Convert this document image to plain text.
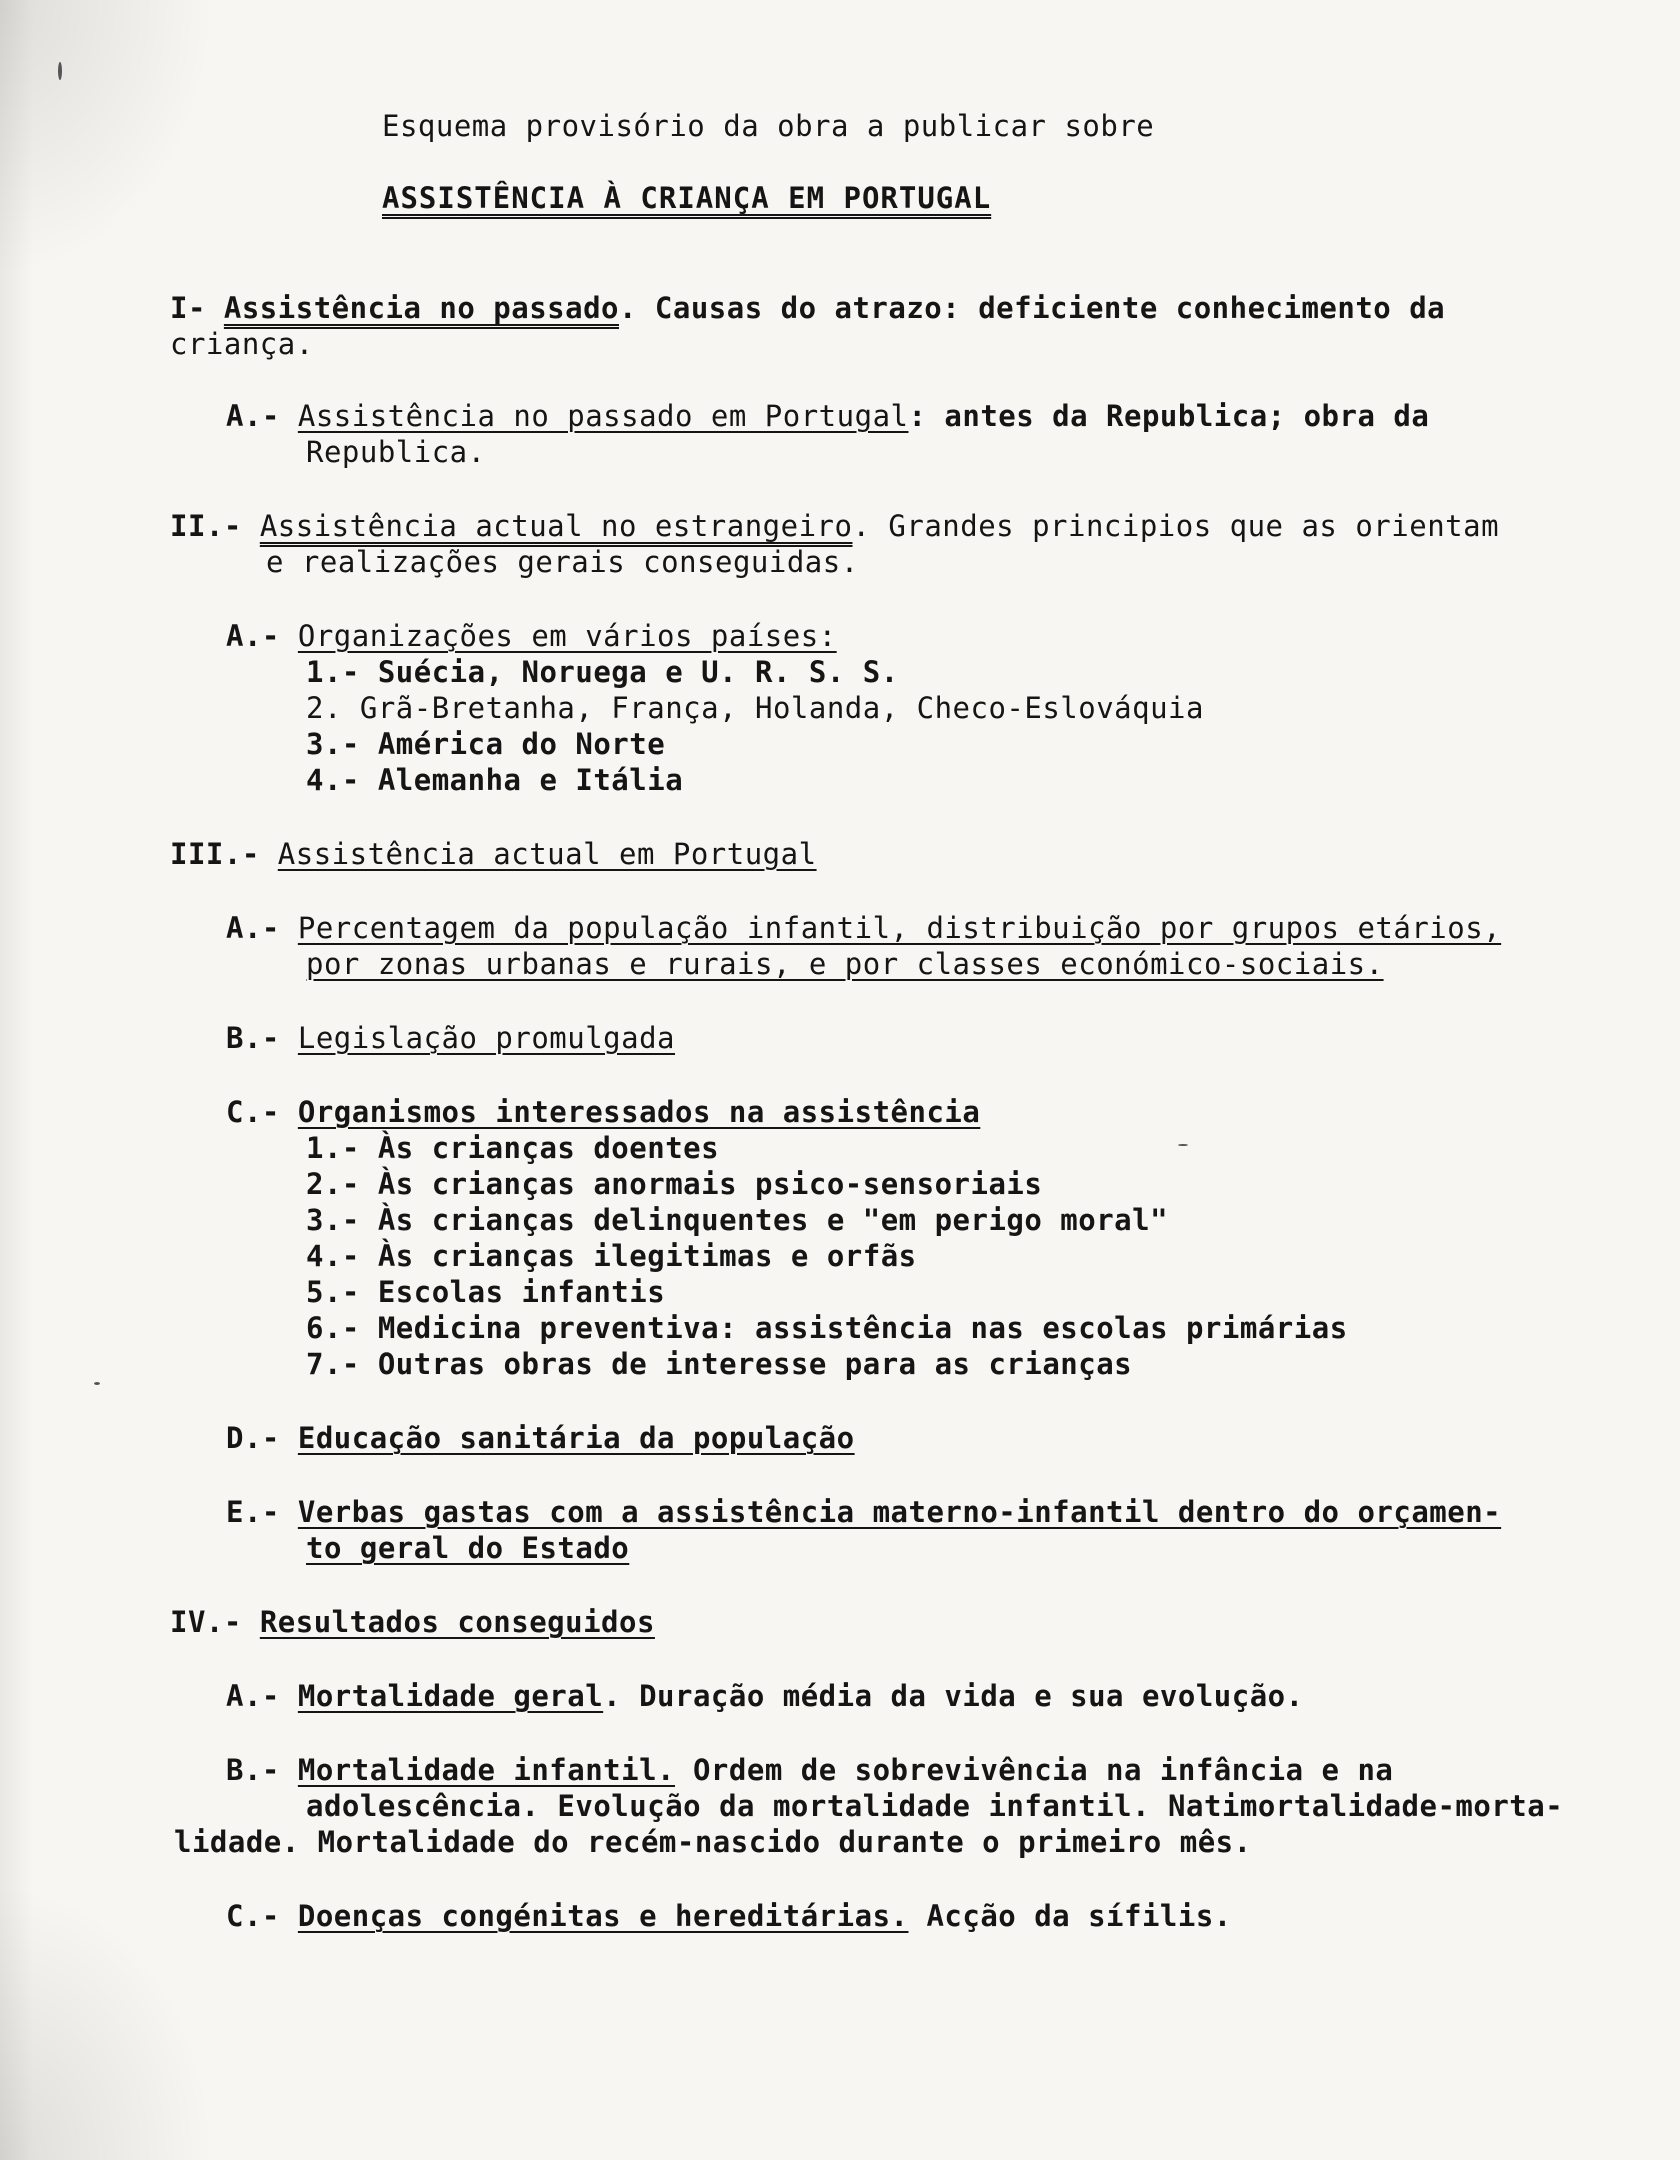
Esquema provisório da obra a publicar sobre
ASSISTÊNCIA À CRIANÇA EM PORTUGAL
I- Assistência no passado. Causas do atrazo: deficiente conhecimento da
criança.
A.- Assistência no passado em Portugal: antes da Republica; obra da
Republica.
II.- Assistência actual no estrangeiro. Grandes principios que as orientam
e realizações gerais conseguidas.
A.- Organizações em vários países:
1.- Suécia, Noruega e U. R. S. S.
2. Grã-Bretanha, França, Holanda, Checo-Eslováquia
3.- América do Norte
4.- Alemanha e Itália
III.- Assistência actual em Portugal
A.- Percentagem da população infantil, distribuição por grupos etários,
por zonas urbanas e rurais, e por classes económico-sociais.
B.- Legislação promulgada
C.- Organismos interessados na assistência
1.- Às crianças doentes
2.- Às crianças anormais psico-sensoriais
3.- Às crianças delinquentes e "em perigo moral"
4.- Às crianças ilegitimas e orfãs
5.- Escolas infantis
6.- Medicina preventiva: assistência nas escolas primárias
7.- Outras obras de interesse para as crianças
D.- Educação sanitária da população
E.- Verbas gastas com a assistência materno-infantil dentro do orçamen-
to geral do Estado
IV.- Resultados conseguidos
A.- Mortalidade geral. Duração média da vida e sua evolução.
B.- Mortalidade infantil. Ordem de sobrevivência na infância e na
adolescência. Evolução da mortalidade infantil. Natimortalidade-morta-
lidade. Mortalidade do recém-nascido durante o primeiro mês.
C.- Doenças congénitas e hereditárias. Acção da sífilis.
